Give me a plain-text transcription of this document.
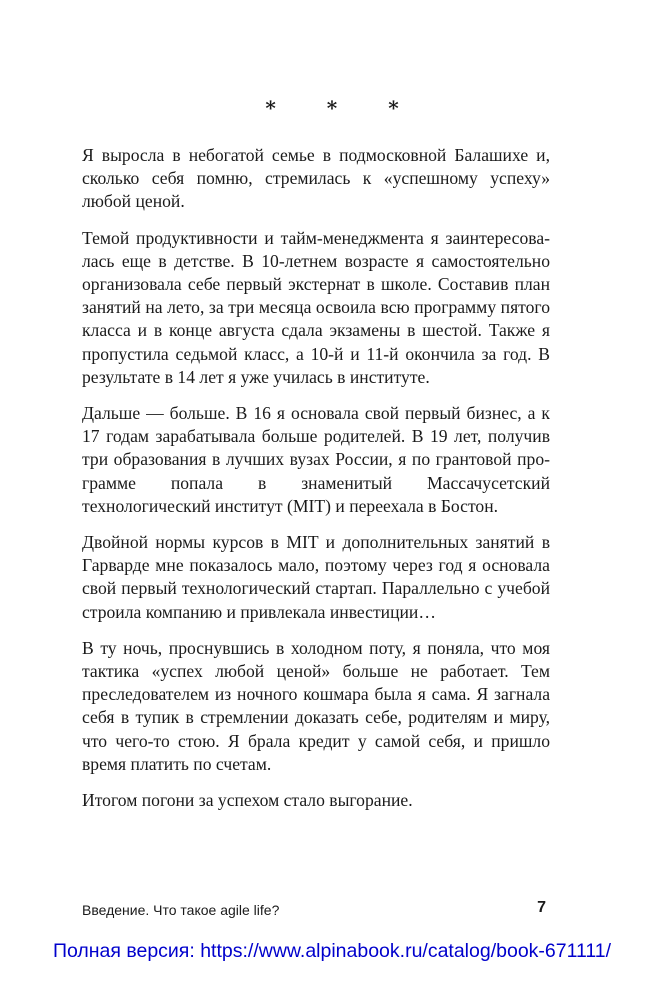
* * *

Я выросла в небогатой семье в подмосковной Балашихе и, сколько себя помню, стремилась к «успешному успеху» любой ценой.

Темой продуктивности и тайм-менеджмента я заинтересовалась еще в детстве. В 10-летнем возрасте я самостоятельно организовала себе первый экстернат в школе. Составив план занятий на лето, за три месяца освоила всю программу пятого класса и в конце августа сдала экзамены в шестой. Также я пропустила седьмой класс, а 10-й и 11-й окончила за год. В результате в 14 лет я уже училась в институте.

Дальше — больше. В 16 я основала свой первый бизнес, а к 17 годам зарабатывала больше родителей. В 19 лет, получив три образования в лучших вузах России, я по грантовой программе попала в знаменитый Массачусетский технологический институт (MIT) и переехала в Бостон.

Двойной нормы курсов в MIT и дополнительных занятий в Гарварде мне показалось мало, поэтому через год я основала свой первый технологический стартап. Параллельно с учебой строила компанию и привлекала инвестиции…

В ту ночь, проснувшись в холодном поту, я поняла, что моя тактика «успех любой ценой» больше не работает. Тем преследователем из ночного кошмара была я сама. Я загнала себя в тупик в стремлении доказать себе, родителям и миру, что чего-то стою. Я брала кредит у самой себя, и пришло время платить по счетам.

Итогом погони за успехом стало выгорание.

Введение. Что такое agile life?	7
Полная версия: https://www.alpinabook.ru/catalog/book-671111/
